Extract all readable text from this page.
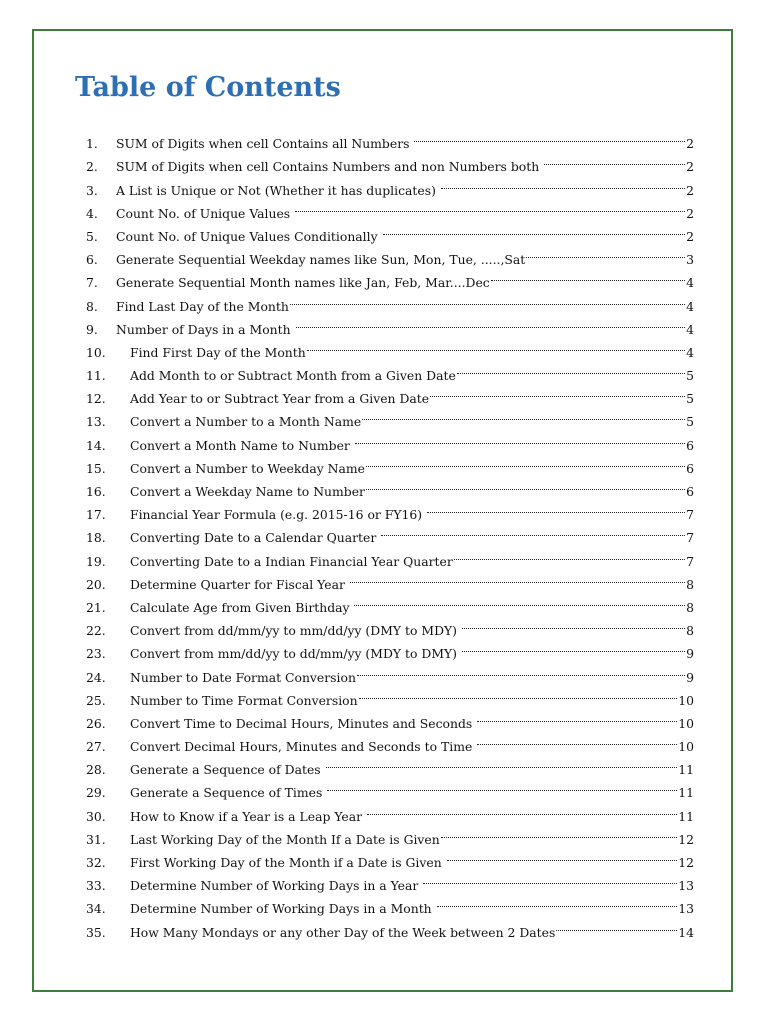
Table of Contents
1.	SUM of Digits when cell Contains all Numbers	2
2.	SUM of Digits when cell Contains Numbers and non Numbers both	2
3.	A List is Unique or Not (Whether it has duplicates)	2
4.	Count No. of Unique Values	2
5.	Count No. of Unique Values Conditionally	2
6.	Generate Sequential Weekday names like Sun, Mon, Tue, .....,Sat	3
7.	Generate Sequential Month names like Jan, Feb, Mar....Dec	4
8.	Find Last Day of the Month	4
9.	Number of Days in a Month	4
10.	Find First Day of the Month	4
11.	Add Month to or Subtract Month from a Given Date	5
12.	Add Year to or Subtract Year from a Given Date	5
13.	Convert a Number to a Month Name	5
14.	Convert a Month Name to Number	6
15.	Convert a Number to Weekday Name	6
16.	Convert a Weekday Name to Number	6
17.	Financial Year Formula (e.g. 2015-16 or FY16)	7
18.	Converting Date to a Calendar Quarter	7
19.	Converting Date to a Indian Financial Year Quarter	7
20.	Determine Quarter for Fiscal Year	8
21.	Calculate Age from Given Birthday	8
22.	Convert from dd/mm/yy to mm/dd/yy (DMY to MDY)	8
23.	Convert from mm/dd/yy to dd/mm/yy (MDY to DMY)	9
24.	Number to Date Format Conversion	9
25.	Number to Time Format Conversion	10
26.	Convert Time to Decimal Hours, Minutes and Seconds	10
27.	Convert Decimal Hours, Minutes and Seconds to Time	10
28.	Generate a Sequence of Dates	11
29.	Generate a Sequence of Times	11
30.	How to Know if a Year is a Leap Year	11
31.	Last Working Day of the Month If a Date is Given	12
32.	First Working Day of the Month if a Date is Given	12
33.	Determine Number of Working Days in a Year	13
34.	Determine Number of Working Days in a Month	13
35.	How Many Mondays or any other Day of the Week between 2 Dates	14
